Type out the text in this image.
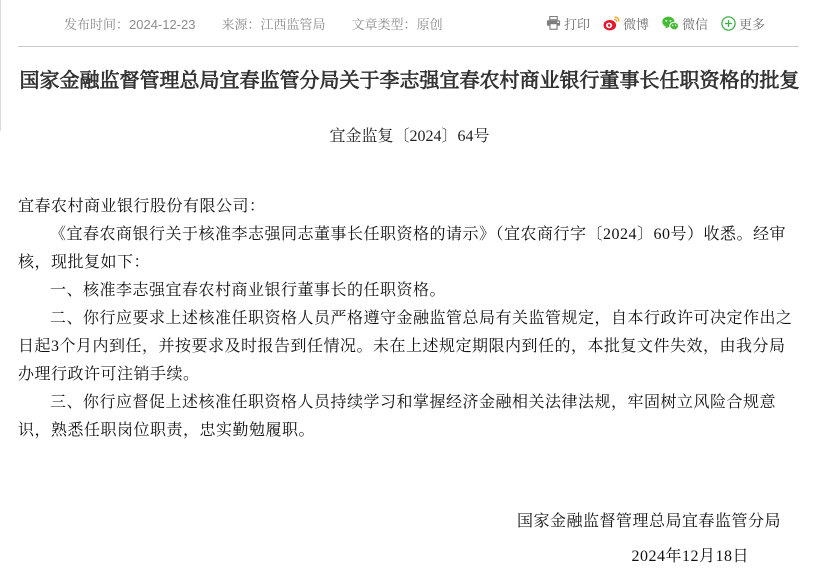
发布时间：2024-12-23 来源：江西监管局 文章类型：原创	打印	微博	微信 更多
国家金融监督管理总局宜春监管分局关于李志强宜春农村商业银行董事长任职资格的批复
宜金监复〔2024〕64号

宜春农村商业银行股份有限公司：

《宜春农商银行关于核准李志强同志董事长任职资格的请示》（宜农商行字〔2024〕60号）收悉。经审核，现批复如下：

一、核准李志强宜春农村商业银行董事长的任职资格。

二、你行应要求上述核准任职资格人员严格遵守金融监管总局有关监管规定，自本行政许可决定作出之日起3个月内到任，并按要求及时报告到任情况。未在上述规定期限内到任的，本批复文件失效，由我分局办理行政许可注销手续。

三、你行应督促上述核准任职资格人员持续学习和掌握经济金融相关法律法规，牢固树立风险合规意识，熟悉任职岗位职责，忠实勤勉履职。

国家金融监督管理总局宜春监管分局
2024年12月18日
